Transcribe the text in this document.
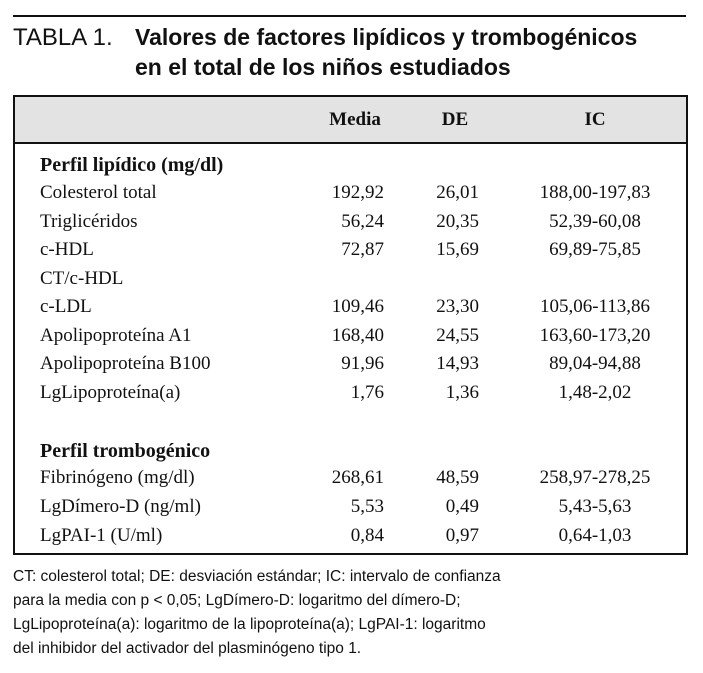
TABLA 1. Valores de factores lipídicos y trombogénicos
en el total de los niños estudiados
Media	DE	IC
Perfil lipídico (mg/dl)
Colesterol total	192,92	26,01	188,00-197,83
Triglicéridos	56,24	20,35	52,39-60,08
c-HDL	72,87	15,69	69,89-75,85
CT/c-HDL
c-LDL	109,46	23,30	105,06-113,86
Apolipoproteína A1	168,40	24,55	163,60-173,20
Apolipoproteína B100	91,96	14,93	89,04-94,88
LgLipoproteína(a)	1,76	1,36	1,48-2,02
Perfil trombogénico
Fibrinógeno (mg/dl)	268,61	48,59	258,97-278,25
LgDímero-D (ng/ml)	5,53	0,49	5,43-5,63
LgPAI-1 (U/ml)	0,84	0,97	0,64-1,03
CT: colesterol total; DE: desviación estándar; IC: intervalo de confianza
para la media con p < 0,05; LgDímero-D: logaritmo del dímero-D;
LgLipoproteína(a): logaritmo de la lipoproteína(a); LgPAI-1: logaritmo
del inhibidor del activador del plasminógeno tipo 1.
